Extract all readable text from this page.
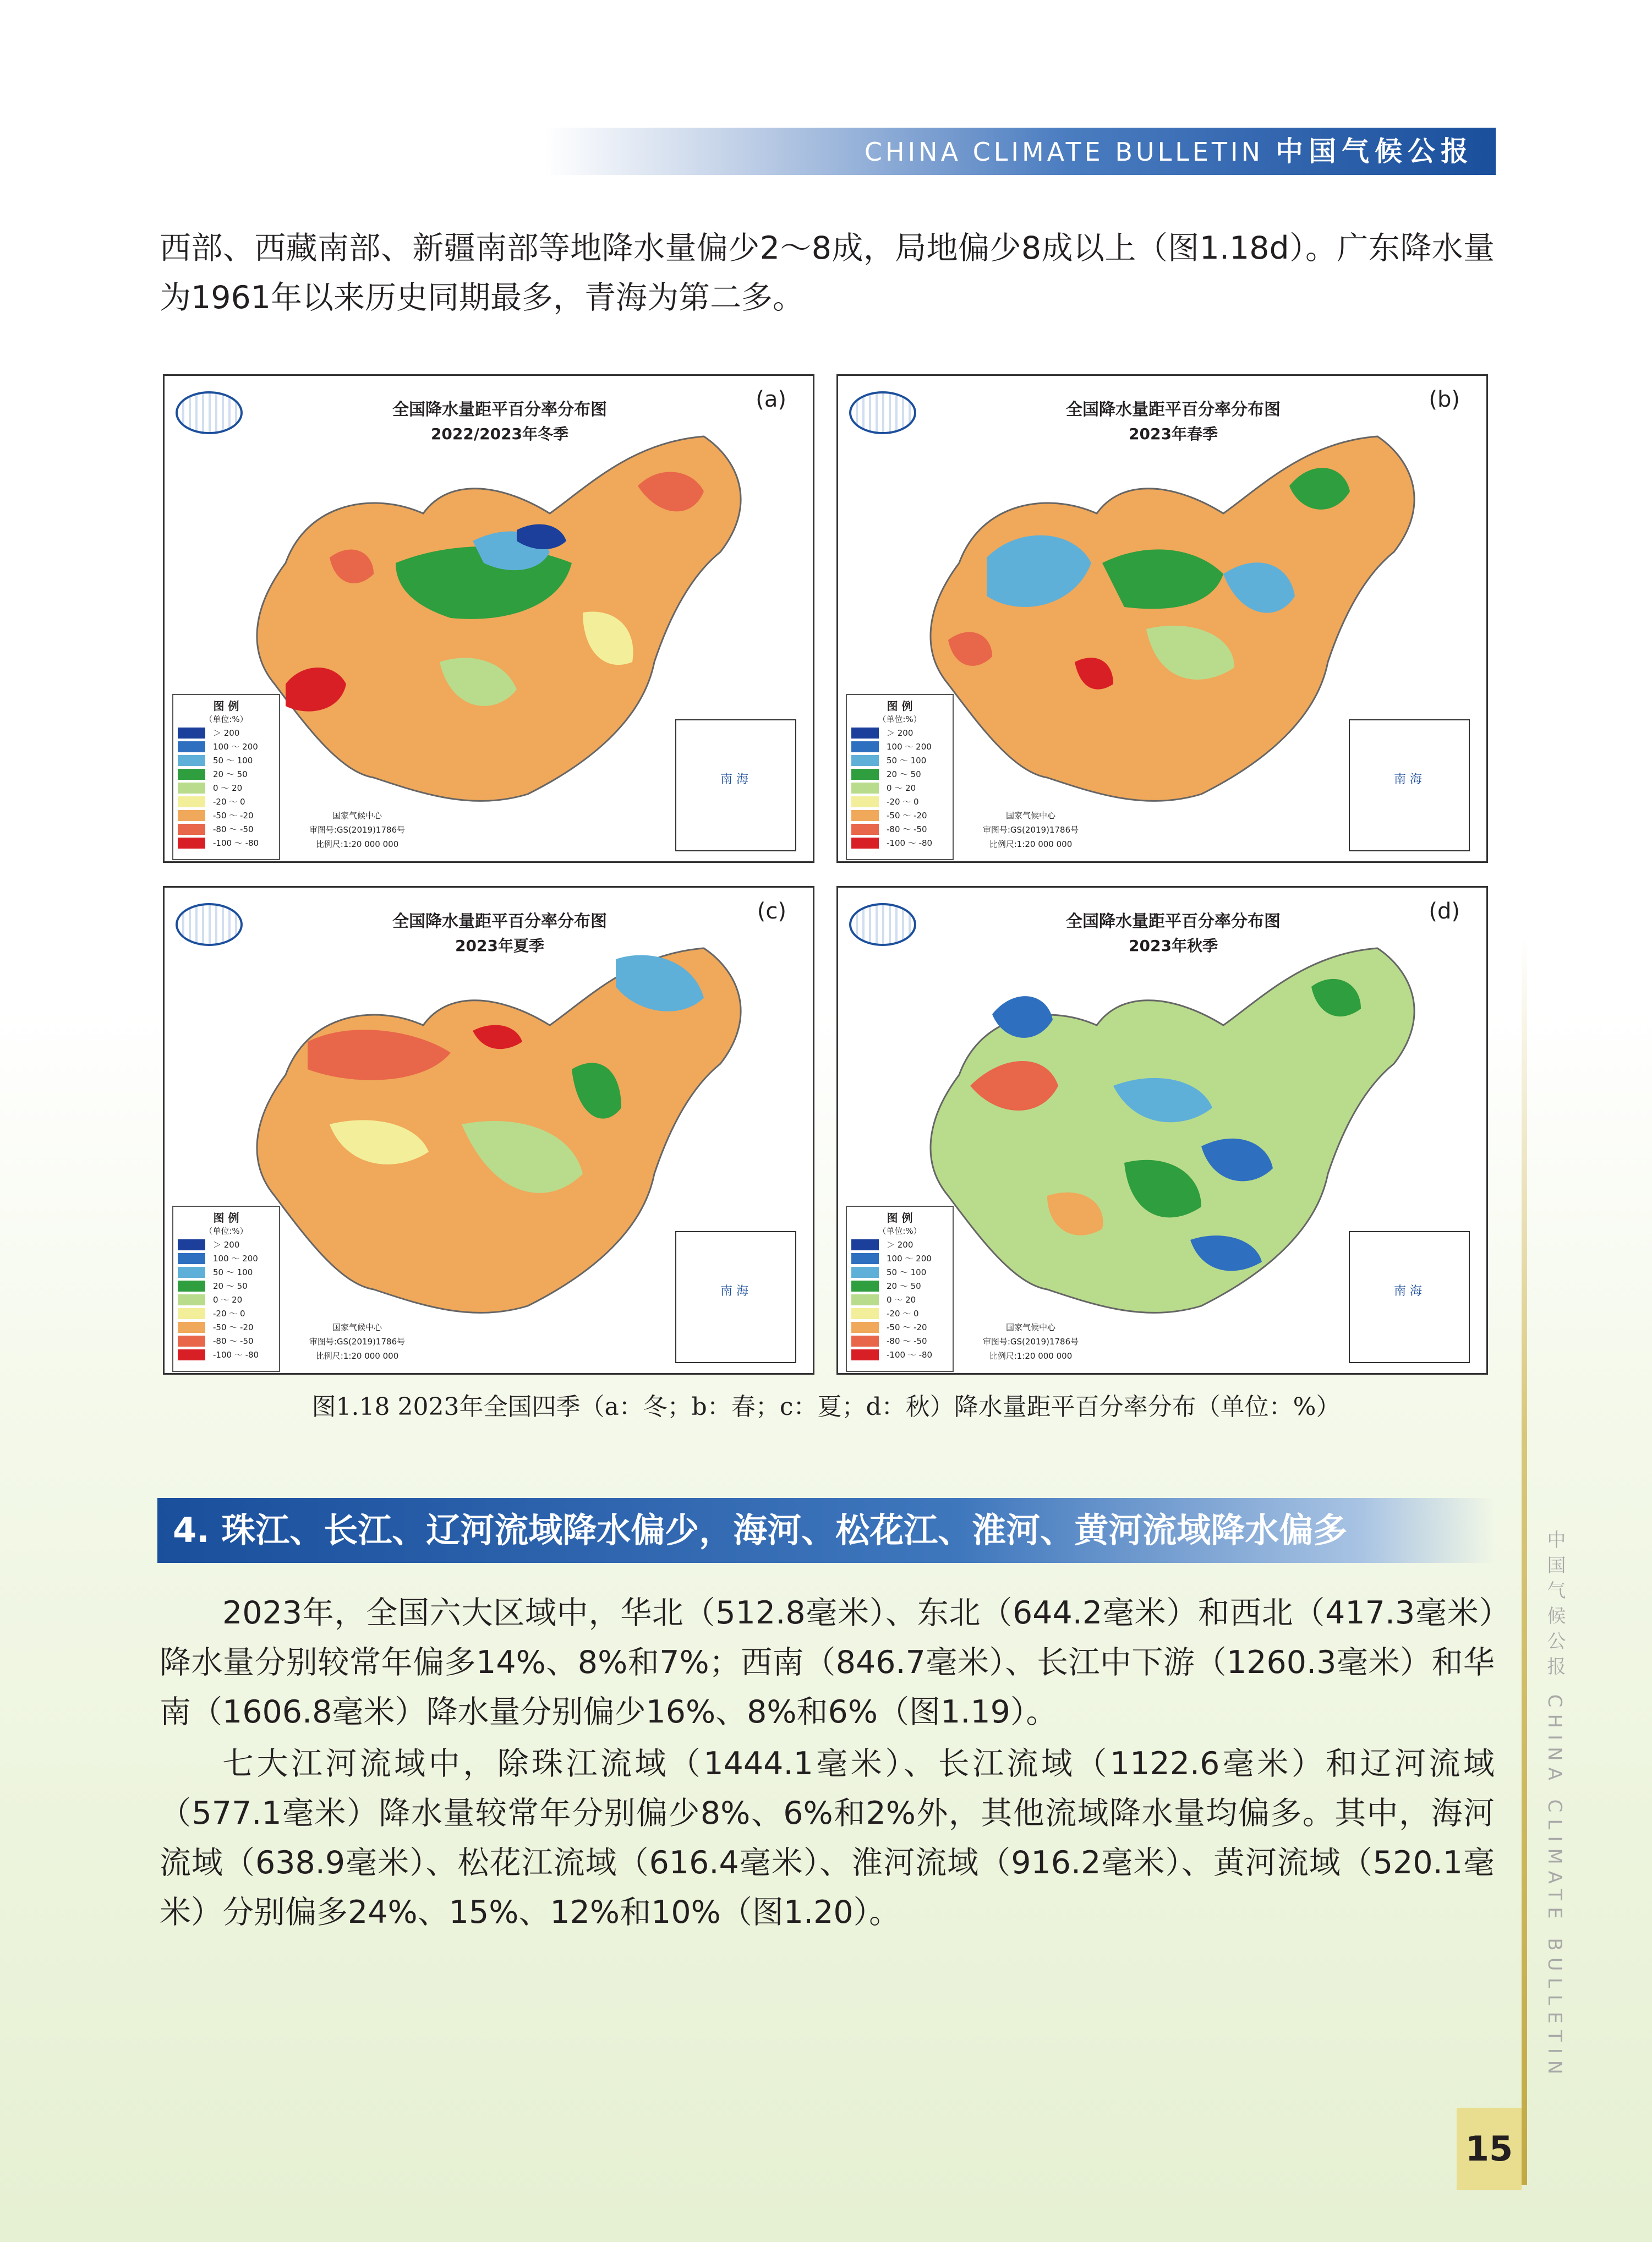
CHINA CLIMATE BULLETIN 中国气候公报

西部、西藏南部、新疆南部等地降水量偏少2～8成，局地偏少8成以上（图1.18d）。广东降水量为1961年以来历史同期最多，青海为第二多。

全国降水量距平百分率分布图
2022/2023年冬季
(a)
图 例
（单位:%）
＞ 200
100 ～ 200
50 ～ 100
20 ～ 50
0 ～ 20
-20 ～ 0
-50 ～ -20
-80 ～ -50
-100 ～ -80
国家气候中心
审图号:GS(2019)1786号
比例尺:1:20 000 000
南 海
全国降水量距平百分率分布图
2023年春季
(b)
图 例
（单位:%）
＞ 200
100 ～ 200
50 ～ 100
20 ～ 50
0 ～ 20
-20 ～ 0
-50 ～ -20
-80 ～ -50
-100 ～ -80
国家气候中心
审图号:GS(2019)1786号
比例尺:1:20 000 000
南 海
全国降水量距平百分率分布图
2023年夏季
(c)
图 例
（单位:%）
＞ 200
100 ～ 200
50 ～ 100
20 ～ 50
0 ～ 20
-20 ～ 0
-50 ～ -20
-80 ～ -50
-100 ～ -80
国家气候中心
审图号:GS(2019)1786号
比例尺:1:20 000 000
南 海
全国降水量距平百分率分布图
2023年秋季
(d)
图 例
（单位:%）
＞ 200
100 ～ 200
50 ～ 100
20 ～ 50
0 ～ 20
-20 ～ 0
-50 ～ -20
-80 ～ -50
-100 ～ -80
国家气候中心
审图号:GS(2019)1786号
比例尺:1:20 000 000
南 海
图1.18 2023年全国四季（a：冬；b：春；c：夏；d：秋）降水量距平百分率分布（单位：%）
4. 珠江、长江、辽河流域降水偏少，海河、松花江、淮河、黄河流域降水偏多

2023年，全国六大区域中，华北（512.8毫米）、东北（644.2毫米）和西北（417.3毫米）降水量分别较常年偏多14%、8%和7%；西南（846.7毫米）、长江中下游（1260.3毫米）和华南（1606.8毫米）降水量分别偏少16%、8%和6%（图1.19）。

七大江河流域中，除珠江流域（1444.1毫米）、长江流域（1122.6毫米）和辽河流域（577.1毫米）降水量较常年分别偏少8%、6%和2%外，其他流域降水量均偏多。其中，海河流域（638.9毫米）、松花江流域（616.4毫米）、淮河流域（916.2毫米）、黄河流域（520.1毫米）分别偏多24%、15%、12%和10%（图1.20）。	中国气候公报 CHINA CLIMATE BULLETIN
15
